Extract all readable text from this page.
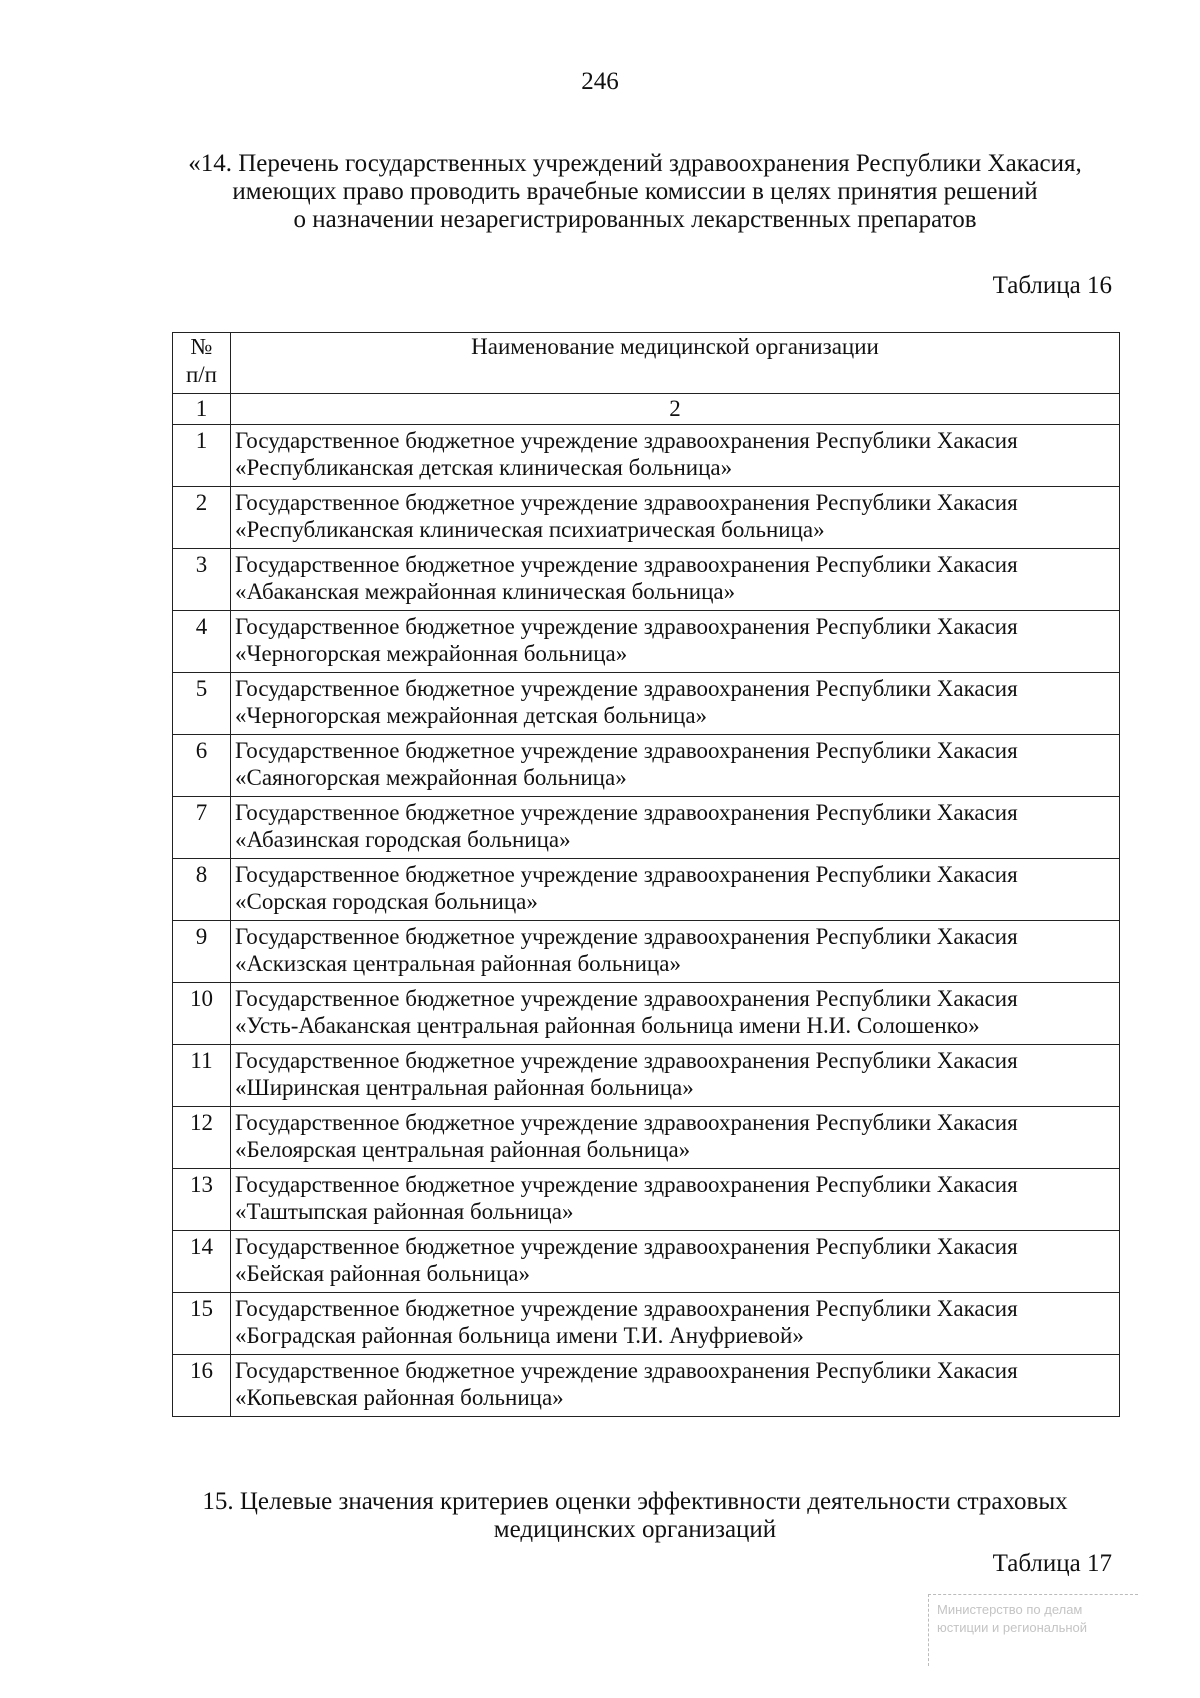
246
«14. Перечень государственных учреждений здравоохранения Республики Хакасия,
имеющих право проводить врачебные комиссии в целях принятия решений
о назначении незарегистрированных лекарственных препаратов
Таблица 16
№
п/п	Наименование медицинской организации
1	2
1	Государственное бюджетное учреждение здравоохранения Республики Хакасия
«Республиканская детская клиническая больница»

2	Государственное бюджетное учреждение здравоохранения Республики Хакасия
«Республиканская клиническая психиатрическая больница»

3	Государственное бюджетное учреждение здравоохранения Республики Хакасия
«Абаканская межрайонная клиническая больница»

4	Государственное бюджетное учреждение здравоохранения Республики Хакасия
«Черногорская межрайонная больница»

5	Государственное бюджетное учреждение здравоохранения Республики Хакасия
«Черногорская межрайонная детская больница»

6	Государственное бюджетное учреждение здравоохранения Республики Хакасия
«Саяногорская межрайонная больница»

7	Государственное бюджетное учреждение здравоохранения Республики Хакасия
«Абазинская городская больница»

8	Государственное бюджетное учреждение здравоохранения Республики Хакасия
«Сорская городская больница»

9	Государственное бюджетное учреждение здравоохранения Республики Хакасия
«Аскизская центральная районная больница»

10	Государственное бюджетное учреждение здравоохранения Республики Хакасия
«Усть-Абаканская центральная районная больница имени Н.И. Солошенко»

11	Государственное бюджетное учреждение здравоохранения Республики Хакасия
«Ширинская центральная районная больница»

12	Государственное бюджетное учреждение здравоохранения Республики Хакасия
«Белоярская центральная районная больница»

13	Государственное бюджетное учреждение здравоохранения Республики Хакасия
«Таштыпская районная больница»

14	Государственное бюджетное учреждение здравоохранения Республики Хакасия
«Бейская районная больница»

15	Государственное бюджетное учреждение здравоохранения Республики Хакасия
«Боградская районная больница имени Т.И. Ануфриевой»

16	Государственное бюджетное учреждение здравоохранения Республики Хакасия
«Копьевская районная больница»
15. Целевые значения критериев оценки эффективности деятельности страховых
медицинских организаций
Таблица 17
Министерство по делам
юстиции и региональной
